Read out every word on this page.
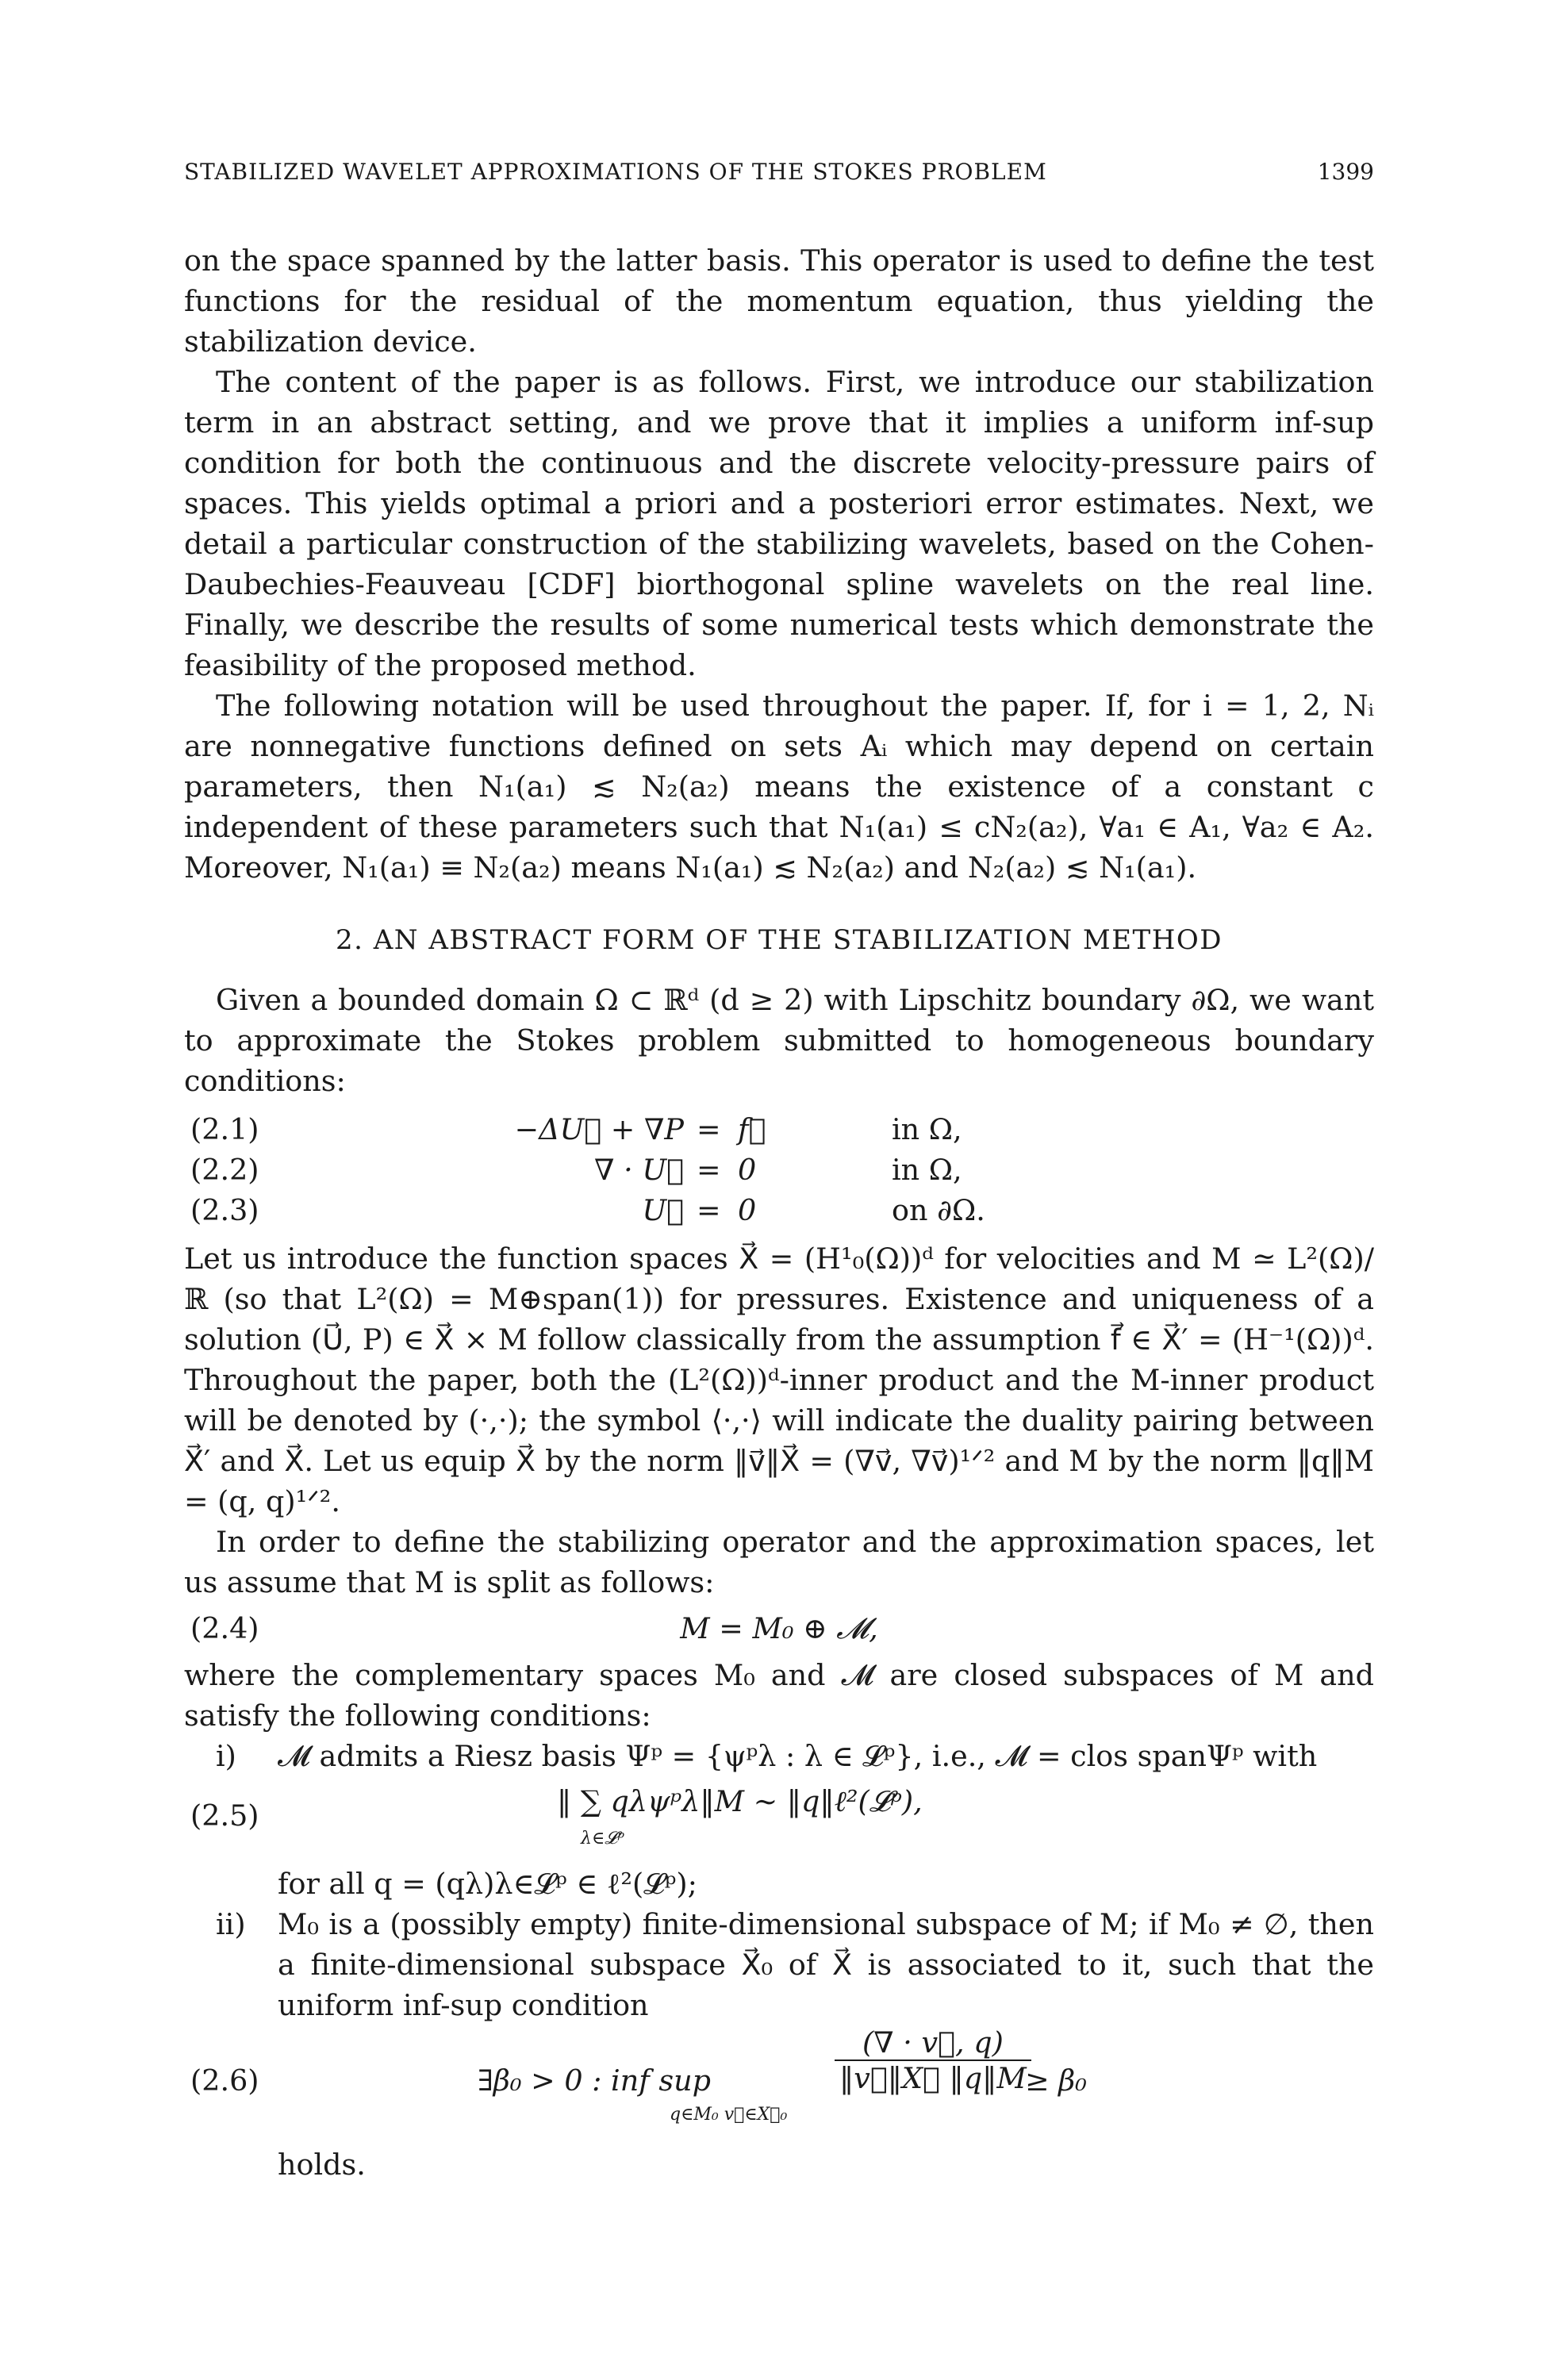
STABILIZED WAVELET APPROXIMATIONS OF THE STOKES PROBLEM	1399

on the space spanned by the latter basis. This operator is used to define the test functions for the residual of the momentum equation, thus yielding the stabilization device.

The content of the paper is as follows. First, we introduce our stabilization term in an abstract setting, and we prove that it implies a uniform inf-sup condition for both the continuous and the discrete velocity-pressure pairs of spaces. This yields optimal a priori and a posteriori error estimates. Next, we detail a particular construction of the stabilizing wavelets, based on the Cohen-Daubechies-Feauveau [CDF] biorthogonal spline wavelets on the real line. Finally, we describe the results of some numerical tests which demonstrate the feasibility of the proposed method.

The following notation will be used throughout the paper. If, for i = 1, 2, Nᵢ are nonnegative functions defined on sets Aᵢ which may depend on certain parameters, then N₁(a₁) ≲ N₂(a₂) means the existence of a constant c independent of these parameters such that N₁(a₁) ≤ cN₂(a₂), ∀a₁ ∈ A₁, ∀a₂ ∈ A₂. Moreover, N₁(a₁) ≡ N₂(a₂) means N₁(a₁) ≲ N₂(a₂) and N₂(a₂) ≲ N₁(a₁).

2. AN ABSTRACT FORM OF THE STABILIZATION METHOD

Given a bounded domain Ω ⊂ ℝᵈ (d ≥ 2) with Lipschitz boundary ∂Ω, we want to approximate the Stokes problem submitted to homogeneous boundary conditions:

(2.1)	−ΔU⃗ + ∇P = f⃗	in Ω,
(2.2)	∇ · U⃗ = 0	in Ω,
(2.3)	U⃗ = 0	on ∂Ω.

Let us introduce the function spaces X⃗ = (H¹₀(Ω))ᵈ for velocities and M ≃ L²(Ω)/ℝ (so that L²(Ω) = M⊕span(1)) for pressures. Existence and uniqueness of a solution (U⃗, P) ∈ X⃗ × M follow classically from the assumption f⃗ ∈ X⃗′ = (H⁻¹(Ω))ᵈ. Throughout the paper, both the (L²(Ω))ᵈ-inner product and the M-inner product will be denoted by (·,·); the symbol ⟨·,·⟩ will indicate the duality pairing between X⃗′ and X⃗. Let us equip X⃗ by the norm ‖v⃗‖X⃗ = (∇v⃗, ∇v⃗)¹ᐟ² and M by the norm ‖q‖M = (q, q)¹ᐟ².

In order to define the stabilizing operator and the approximation spaces, let us assume that M is split as follows:

(2.4)	M = M₀ ⊕ 𝓜,

where the complementary spaces M₀ and 𝓜 are closed subspaces of M and satisfy the following conditions:

i)	𝓜 admits a Riesz basis Ψᵖ = {ψᵖλ : λ ∈ 𝓛ᵖ}, i.e., 𝓜 = clos spanΨᵖ with
(2.5)	‖ ∑ qλψᵖλ‖M ∼ ‖q‖ℓ²(𝓛ᵖ),
λ∈𝓛ᵖ
for all q = (qλ)λ∈𝓛ᵖ ∈ ℓ²(𝓛ᵖ);
ii)	M₀ is a (possibly empty) finite-dimensional subspace of M; if M₀ ≠ ∅, then a finite-dimensional subspace X⃗₀ of X⃗ is associated to it, such that the uniform inf-sup condition
(2.6)	∃β₀ > 0 : inf sup
q∈M₀ v⃗∈X⃗₀
$\frac{(\nabla \cdot v⃗, q)}{‖v⃗‖X⃗ ‖q‖M}$
≥ β₀
holds.
